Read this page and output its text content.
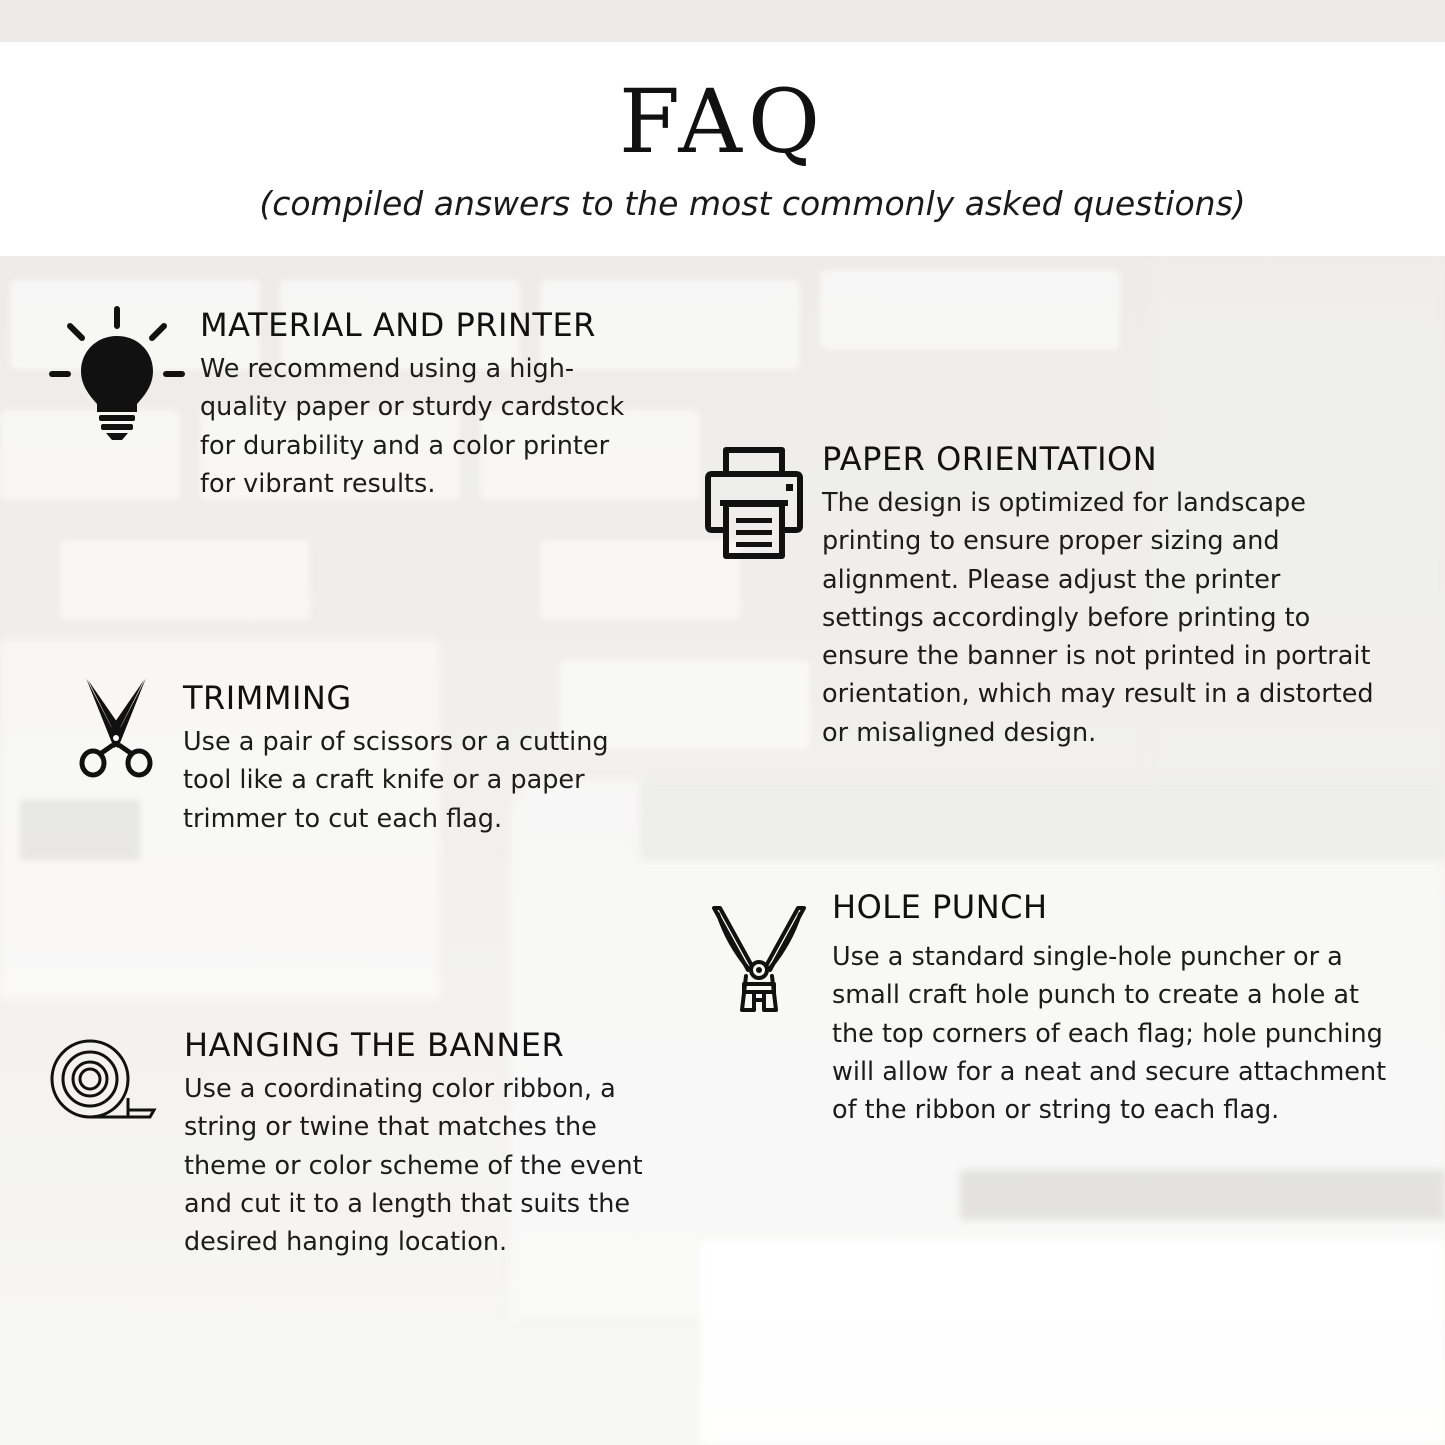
FAQ
(compiled answers to the most commonly asked questions)
MATERIAL AND PRINTER

We recommend using a high-quality paper or sturdy cardstock for durability and a color printer for vibrant results.

PAPER ORIENTATION

The design is optimized for landscape printing to ensure proper sizing and alignment. Please adjust the printer settings accordingly before printing to ensure the banner is not printed in portrait orientation, which may result in a distorted or misaligned design.

TRIMMING

Use a pair of scissors or a cutting tool like a craft knife or a paper trimmer to cut each flag.

HOLE PUNCH

Use a standard single-hole puncher or a small craft hole punch to create a hole at the top corners of each flag; hole punching will allow for a neat and secure attachment of the ribbon or string to each flag.

HANGING THE BANNER

Use a coordinating color ribbon, a string or twine that matches the theme or color scheme of the event and cut it to a length that suits the desired hanging location.
